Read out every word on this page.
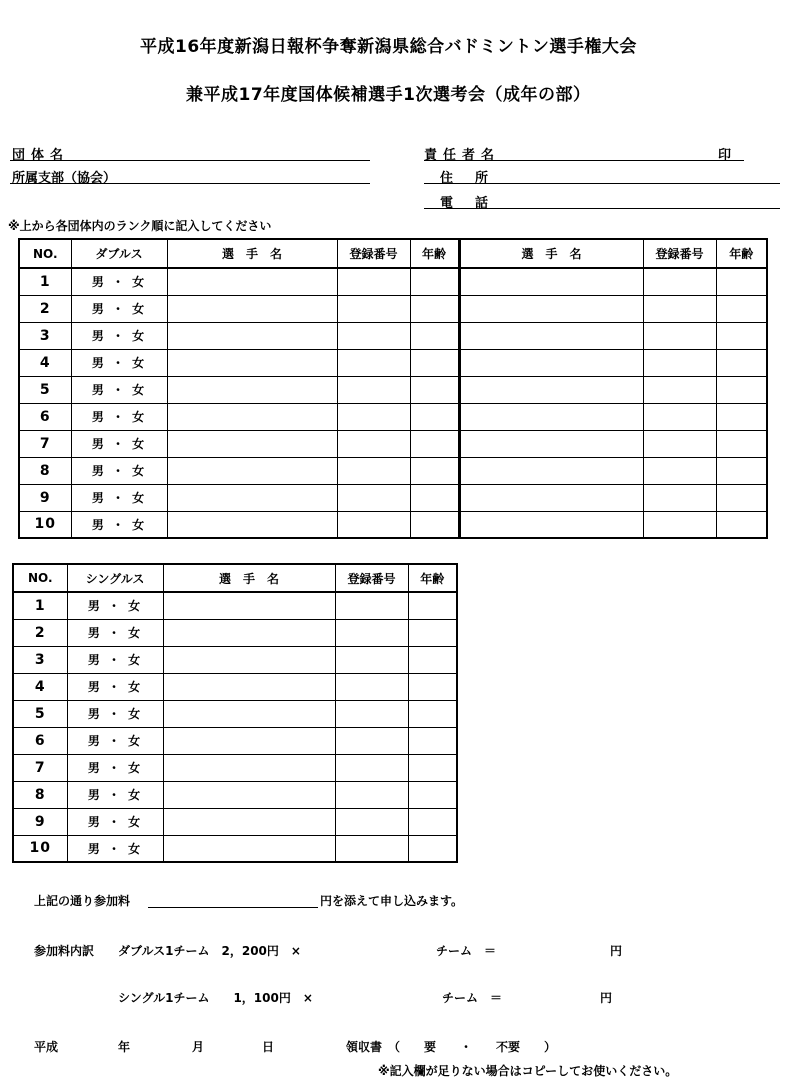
平成16年度新潟日報杯争奪新潟県総合バドミントン選手権大会
兼平成17年度国体候補選手1次選考会（成年の部）
団体名	責任者名	印
所属支部（協会）	住所
電話
※上から各団体内のランク順に記入してください
NO.	ダブルス	選　手　名	登録番号	年齢	選　手　名	登録番号	年齢
1	男 ・ 女						
2	男 ・ 女						
3	男 ・ 女						
4	男 ・ 女						
5	男 ・ 女						
6	男 ・ 女						
7	男 ・ 女						
8	男 ・ 女						
9	男 ・ 女						
10	男 ・ 女						
NO.	シングルス	選　手　名	登録番号	年齢
1	男 ・ 女			
2	男 ・ 女			
3	男 ・ 女			
4	男 ・ 女			
5	男 ・ 女			
6	男 ・ 女			
7	男 ・ 女			
8	男 ・ 女			
9	男 ・ 女			
10	男 ・ 女			
上記の通り参加料	円を添えて申し込みます。
参加料内訳 ダブルス1チーム　2，200円　×	チーム　＝	円
シングル1チーム　　1，100円　×	チーム　＝	円
平成	年	月	日	領収書　（　　要　　・　　不要　　）
※記入欄が足りない場合はコピーしてお使いください。
